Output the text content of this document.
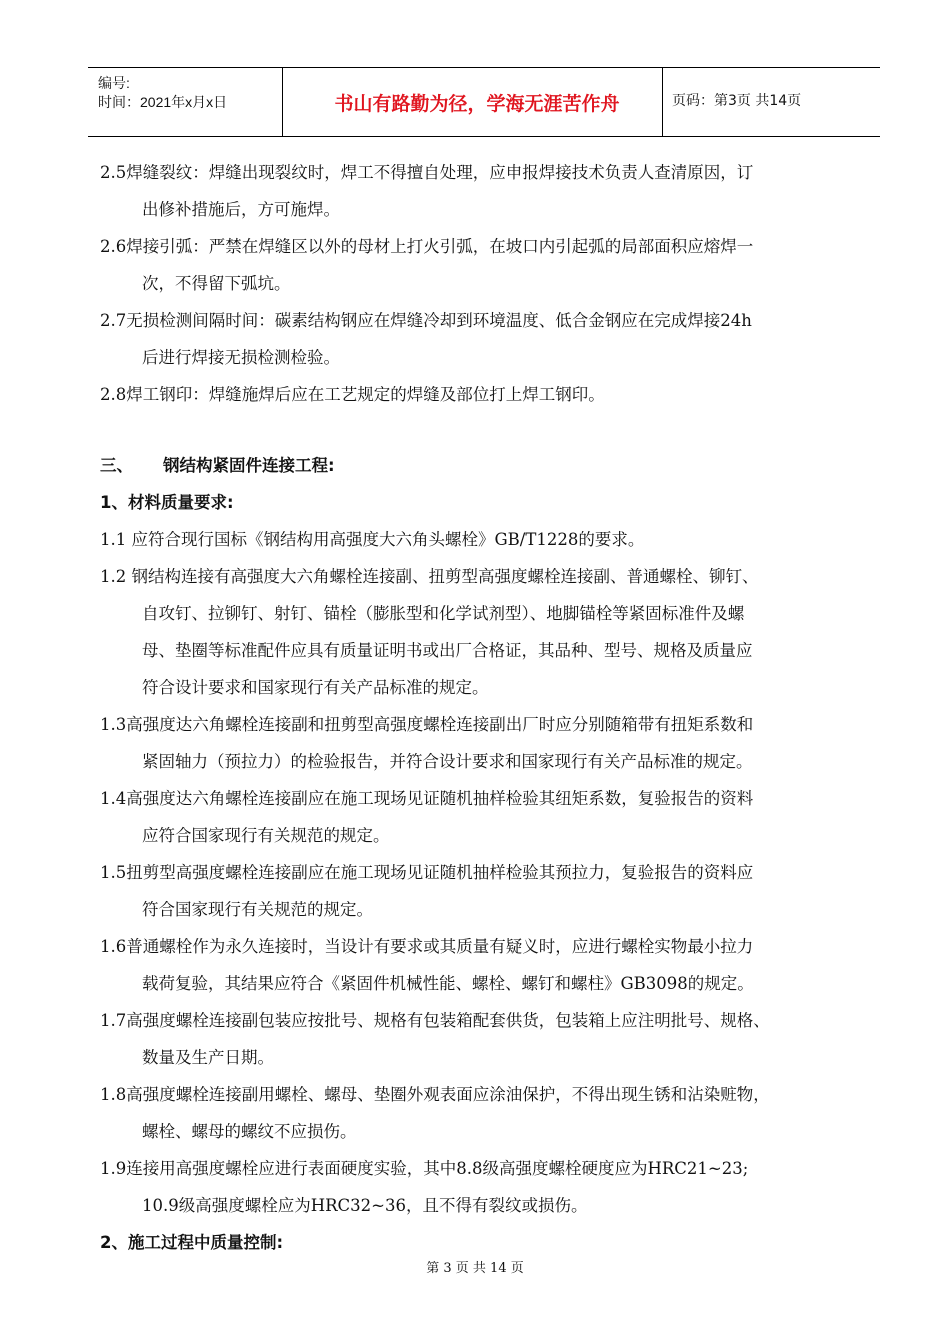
编号:
时间：2021年x月x日	书山有路勤为径，学海无涯苦作舟	页码：第3页 共14页

2.5焊缝裂纹：焊缝出现裂纹时，焊工不得擅自处理，应申报焊接技术负责人查清原因，订
出修补措施后，方可施焊。

2.6焊接引弧：严禁在焊缝区以外的母材上打火引弧，在坡口内引起弧的局部面积应熔焊一
次，不得留下弧坑。

2.7无损检测间隔时间：碳素结构钢应在焊缝冷却到环境温度、低合金钢应在完成焊接24h
后进行焊接无损检测检验。

2.8焊工钢印：焊缝施焊后应在工艺规定的焊缝及部位打上焊工钢印。

三、 钢结构紧固件连接工程:

1、材料质量要求:

1.1 应符合现行国标《钢结构用高强度大六角头螺栓》GB/T1228的要求。

1.2 钢结构连接有高强度大六角螺栓连接副、扭剪型高强度螺栓连接副、普通螺栓、铆钉、
自攻钉、拉铆钉、射钉、锚栓（膨胀型和化学试剂型）、地脚锚栓等紧固标准件及螺
母、垫圈等标准配件应具有质量证明书或出厂合格证，其品种、型号、规格及质量应
符合设计要求和国家现行有关产品标准的规定。

1.3高强度达六角螺栓连接副和扭剪型高强度螺栓连接副出厂时应分别随箱带有扭矩系数和
紧固轴力（预拉力）的检验报告，并符合设计要求和国家现行有关产品标准的规定。

1.4高强度达六角螺栓连接副应在施工现场见证随机抽样检验其纽矩系数，复验报告的资料
应符合国家现行有关规范的规定。

1.5扭剪型高强度螺栓连接副应在施工现场见证随机抽样检验其预拉力，复验报告的资料应
符合国家现行有关规范的规定。

1.6普通螺栓作为永久连接时，当设计有要求或其质量有疑义时，应进行螺栓实物最小拉力
载荷复验，其结果应符合《紧固件机械性能、螺栓、螺钉和螺柱》GB3098的规定。

1.7高强度螺栓连接副包装应按批号、规格有包装箱配套供货，包装箱上应注明批号、规格、
数量及生产日期。

1.8高强度螺栓连接副用螺栓、螺母、垫圈外观表面应涂油保护，不得出现生锈和沾染赃物，
螺栓、螺母的螺纹不应损伤。

1.9连接用高强度螺栓应进行表面硬度实验，其中8.8级高强度螺栓硬度应为HRC21~23;
10.9级高强度螺栓应为HRC32~36，且不得有裂纹或损伤。

2、施工过程中质量控制:

第 3 页 共 14 页
